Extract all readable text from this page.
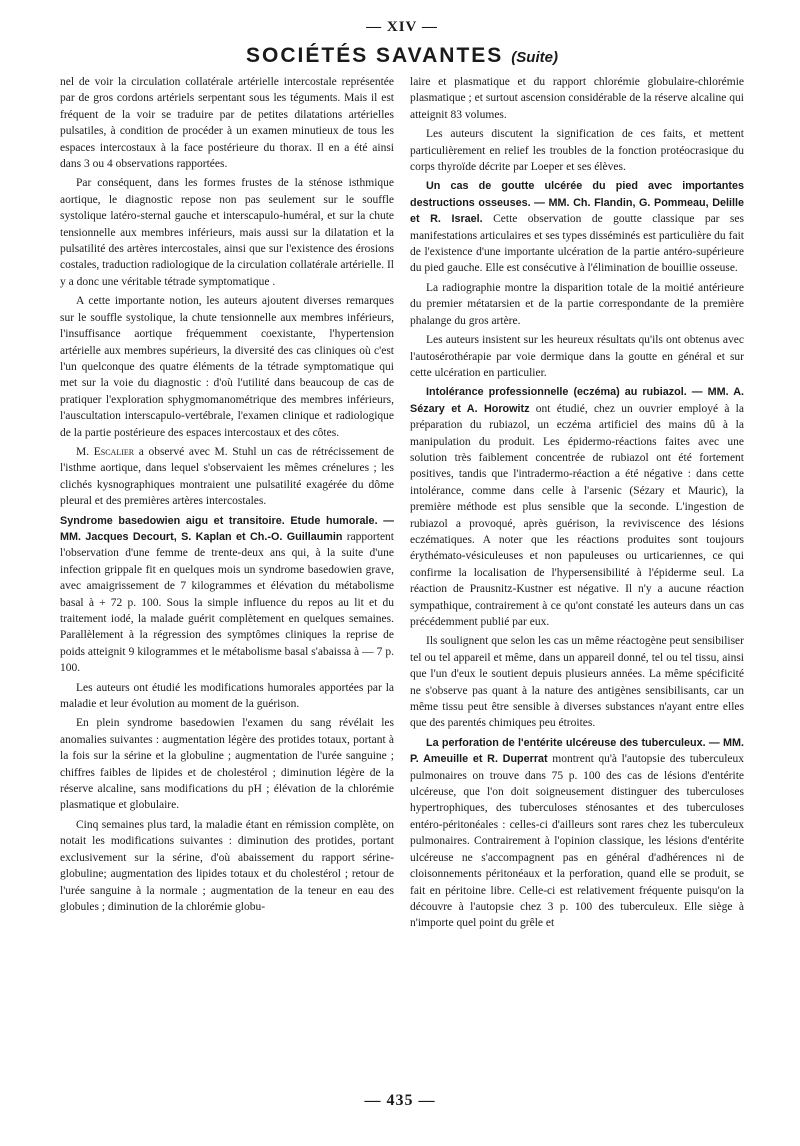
— XIV —
SOCIÉTÉS SAVANTES (Suite)

nel de voir la circulation collatérale artérielle intercostale représentée par de gros cordons artériels serpentant sous les téguments. Mais il est fréquent de la voir se traduire par de petites dilatations artérielles pulsatiles, à condition de procéder à un examen minutieux de tous les espaces intercostaux à la face postérieure du thorax. Il en a été ainsi dans 3 ou 4 observations rapportées.

Par conséquent, dans les formes frustes de la sténose isthmique aortique, le diagnostic repose non pas seulement sur le souffle systolique latéro-sternal gauche et interscapulo-huméral, et sur la chute tensionnelle aux membres inférieurs, mais aussi sur la dilatation et la pulsatilité des artères intercostales, ainsi que sur l'existence des érosions costales, traduction radiologique de la circulation collatérale artérielle. Il y a donc une véritable tétrade symptomatique .

A cette importante notion, les auteurs ajoutent diverses remarques sur le souffle systolique, la chute tensionnelle aux membres inférieurs, l'insuffisance aortique fréquemment coexistante, l'hypertension artérielle aux membres supérieurs, la diversité des cas cliniques où c'est l'un quelconque des quatre éléments de la tétrade symptomatique qui met sur la voie du diagnostic : d'où l'utilité dans beaucoup de cas de pratiquer l'exploration sphygmomanométrique des membres inférieurs, l'auscultation interscapulo-vertébrale, l'examen clinique et radiologique de la partie postérieure des espaces intercostaux et des côtes.

M. Escalier a observé avec M. Stuhl un cas de rétrécissement de l'isthme aortique, dans lequel s'observaient les mêmes crénelures ; les clichés kysnographiques montraient une pulsatilité exagérée du dôme pleural et des premières artères intercostales.

Syndrome basedowien aigu et transitoire. Etude humorale. — MM. Jacques Decourt, S. Kaplan et Ch.-O. Guillaumin rapportent l'observation d'une femme de trente-deux ans qui, à la suite d'une infection grippale fit en quelques mois un syndrome basedowien grave, avec amaigrissement de 7 kilogrammes et élévation du métabolisme basal à + 72 p. 100. Sous la simple influence du repos au lit et du traitement iodé, la malade guérit complètement en quelques semaines. Parallèlement à la régression des symptômes cliniques la reprise de poids atteignit 9 kilogrammes et le métabolisme basal s'abaissa à — 7 p. 100.

Les auteurs ont étudié les modifications humorales apportées par la maladie et leur évolution au moment de la guérison.

En plein syndrome basedowien l'examen du sang révélait les anomalies suivantes : augmentation légère des protides totaux, portant à la fois sur la sérine et la globuline ; augmentation de l'urée sanguine ; chiffres faibles de lipides et de cholestérol ; diminution légère de la réserve alcaline, sans modifications du pH ; élévation de la chlorémie plasmatique et globulaire.

Cinq semaines plus tard, la maladie étant en rémission complète, on notait les modifications suivantes : diminution des protides, portant exclusivement sur la sérine, d'où abaissement du rapport sérine-globuline; augmentation des lipides totaux et du cholestérol ; retour de l'urée sanguine à la normale ; augmentation de la teneur en eau des globules ; diminution de la chlorémie globu-

laire et plasmatique et du rapport chlorémie globulaire-chlorémie plasmatique ; et surtout ascension considérable de la réserve alcaline qui atteignit 83 volumes.

Les auteurs discutent la signification de ces faits, et mettent particulièrement en relief les troubles de la fonction protéocrasique du corps thyroïde décrite par Loeper et ses élèves.

Un cas de goutte ulcérée du pied avec importantes destructions osseuses. — MM. Ch. Flandin, G. Pommeau, Delille et R. Israel. Cette observation de goutte classique par ses manifestations articulaires et ses types disséminés est particulière du fait de l'existence d'une importante ulcération de la partie antéro-supérieure du pied gauche. Elle est consécutive à l'élimination de bouillie osseuse.

La radiographie montre la disparition totale de la moitié antérieure du premier métatarsien et de la partie correspondante de la première phalange du gros artère.

Les auteurs insistent sur les heureux résultats qu'ils ont obtenus avec l'autosérothérapie par voie dermique dans la goutte en général et sur cette ulcération en particulier.

Intolérance professionnelle (eczéma) au rubiazol. — MM. A. Sézary et A. Horowitz ont étudié, chez un ouvrier employé à la préparation du rubiazol, un eczéma artificiel des mains dû à la manipulation du produit. Les épidermo-réactions faites avec une solution très faiblement concentrée de rubiazol ont été fortement positives, tandis que l'intradermo-réaction a été négative : dans cette intolérance, comme dans celle à l'arsenic (Sézary et Mauric), la première méthode est plus sensible que la seconde. L'ingestion de rubiazol a provoqué, après guérison, la reviviscence des lésions eczématiques. A noter que les réactions produites sont toujours érythémato-vésiculeuses et non papuleuses ou urticariennes, ce qui confirme la localisation de l'hypersensibilité à l'épiderme seul. La réaction de Prausnitz-Kustner est négative. Il n'y a aucune réaction sympathique, contrairement à ce qu'ont constaté les auteurs dans un cas précédemment publié par eux.

Ils soulignent que selon les cas un même réactogène peut sensibiliser tel ou tel appareil et même, dans un appareil donné, tel ou tel tissu, ainsi que l'un d'eux le soutient depuis plusieurs années. La même spécificité ne s'observe pas quant à la nature des antigènes sensibilisants, car un même tissu peut être sensible à diverses substances n'ayant entre elles que des parentés chimiques peu étroites.

La perforation de l'entérite ulcéreuse des tuberculeux. — MM. P. Ameuille et R. Duperrat montrent qu'à l'autopsie des tuberculeux pulmonaires on trouve dans 75 p. 100 des cas de lésions d'entérite ulcéreuse, que l'on doit soigneusement distinguer des tuberculoses hypertrophiques, des tuberculoses sténosantes et des tuberculoses entéro-péritonéales : celles-ci d'ailleurs sont rares chez les tuberculeux pulmonaires. Contrairement à l'opinion classique, les lésions d'entérite ulcéreuse ne s'accompagnent pas en général d'adhérences ni de cloisonnements péritonéaux et la perforation, quand elle se produit, se fait en péritoine libre. Celle-ci est relativement fréquente puisqu'on la découvre à l'autopsie chez 3 p. 100 des tuberculeux. Elle siège à n'importe quel point du grêle et

— 435 —
